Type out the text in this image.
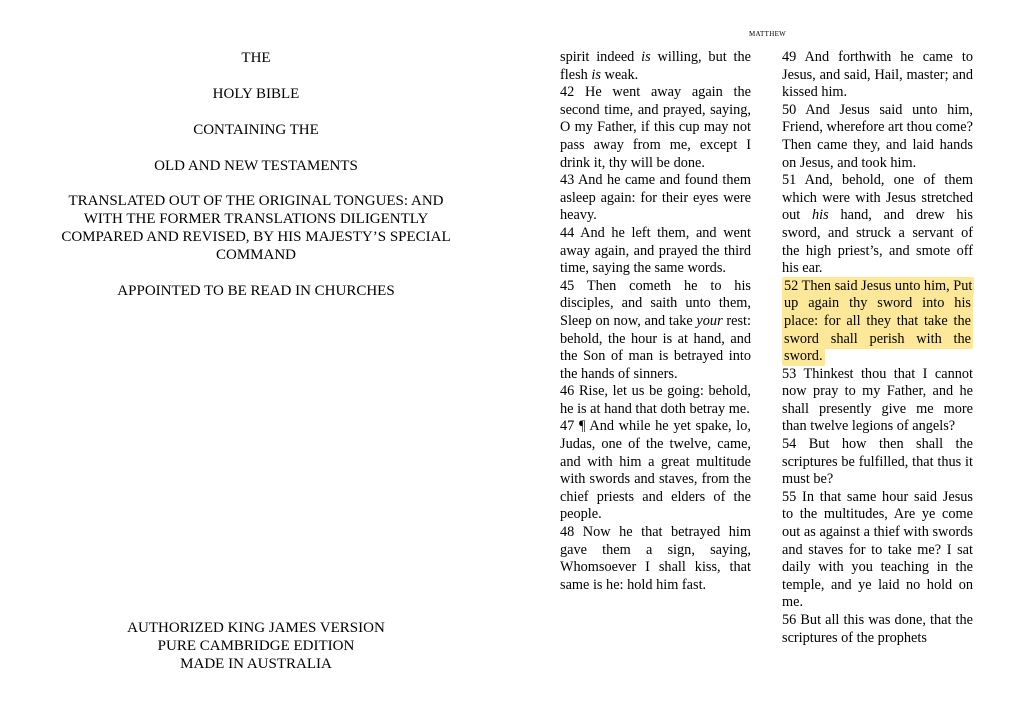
THE
HOLY BIBLE
CONTAINING THE
OLD AND NEW TESTAMENTS
TRANSLATED OUT OF THE ORIGINAL TONGUES: AND
WITH THE FORMER TRANSLATIONS DILIGENTLY
COMPARED AND REVISED, BY HIS MAJESTY’S SPECIAL
COMMAND
APPOINTED TO BE READ IN CHURCHES
AUTHORIZED KING JAMES VERSION
PURE CAMBRIDGE EDITION
MADE IN AUSTRALIA
MATTHEW
spirit indeed is willing, but the flesh is weak.
42 He went away again the second time, and prayed, saying, O my Father, if this cup may not pass away from me, except I drink it, thy will be done.
43 And he came and found them asleep again: for their eyes were heavy.
44 And he left them, and went away again, and prayed the third time, saying the same words.
45 Then cometh he to his disciples, and saith unto them, Sleep on now, and take your rest: behold, the hour is at hand, and the Son of man is betrayed into the hands of sinners.
46 Rise, let us be going: behold, he is at hand that doth betray me.
47 ¶ And while he yet spake, lo, Judas, one of the twelve, came, and with him a great multitude with swords and staves, from the chief priests and elders of the people.
48 Now he that betrayed him gave them a sign, saying, Whomsoever I shall kiss, that same is he: hold him fast.
49 And forthwith he came to Jesus, and said, Hail, master; and kissed him.
50 And Jesus said unto him, Friend, wherefore art thou come? Then came they, and laid hands on Jesus, and took him.
51 And, behold, one of them which were with Jesus stretched out his hand, and drew his sword, and struck a servant of the high priest’s, and smote off his ear.
52 Then said Jesus unto him, Put up again thy sword into his place: for all they that take the sword shall perish with the sword.
53 Thinkest thou that I cannot now pray to my Father, and he shall presently give me more than twelve legions of angels?
54 But how then shall the scriptures be fulfilled, that thus it must be?
55 In that same hour said Jesus to the multitudes, Are ye come out as against a thief with swords and staves for to take me? I sat daily with you teaching in the temple, and ye laid no hold on me.
56 But all this was done, that the scriptures of the prophets
